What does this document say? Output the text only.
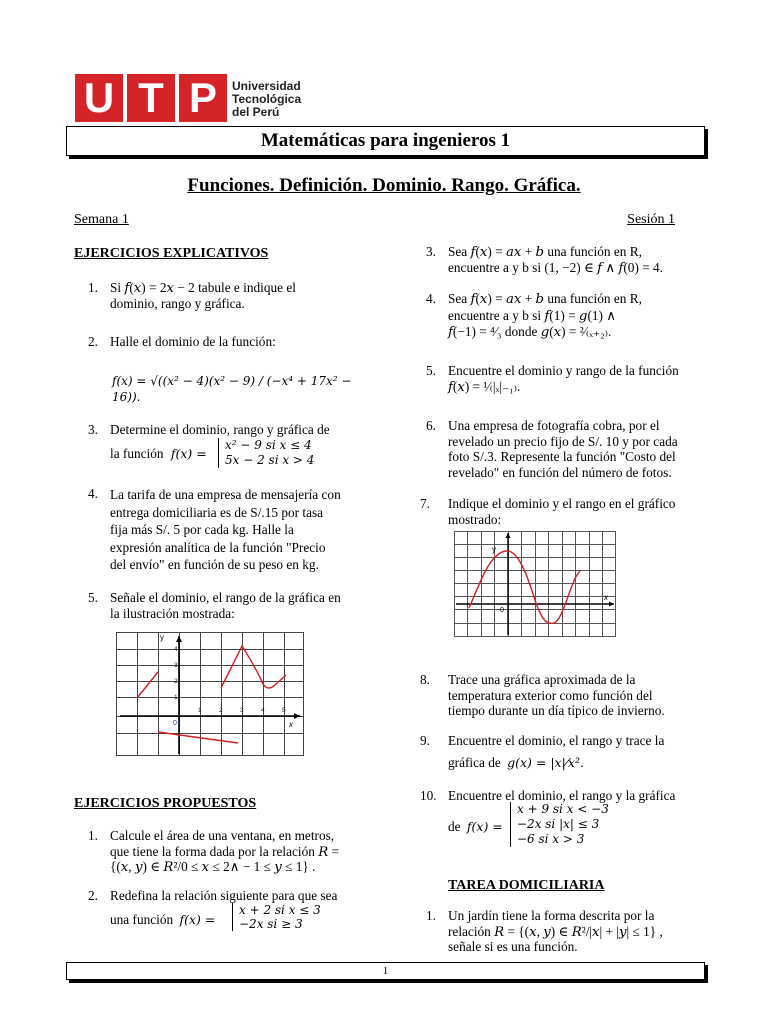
U T P	Universidad
Tecnológica
del Perú
Matemáticas para ingenieros 1
Funciones. Definición. Dominio. Rango. Gráfica.
Semana 1	Sesión 1
EJERCICIOS EXPLICATIVOS
1. Si 𝑓(𝑥) = 2𝑥 − 2 tabule e indique el
dominio, rango y gráfica.
2. Halle el dominio de la función:
𝑓(𝑥) = √((𝑥² − 4)(𝑥² − 9) / (−𝑥⁴ + 17𝑥² − 16)).
3. Determine el dominio, rango y gráfica de
la función 𝑓(𝑥) =
𝑥² − 9 𝑠𝑖 𝑥 ≤ 4
5𝑥 − 2 𝑠𝑖 𝑥 > 4
4. La tarifa de una empresa de mensajería con
entrega domiciliaria es de S/.15 por tasa
fija más S/. 5 por cada kg. Halle la
expresión analítica de la función "Precio
del envío" en función de su peso en kg.
5. Señale el dominio, el rango de la gráfica en
la ilustración mostrada:
y
x
0
1	2	3	4	5
1
2
3
4
EJERCICIOS PROPUESTOS
1. Calcule el área de una ventana, en metros,
que tiene la forma dada por la relación 𝑅 =
{(𝑥, 𝑦) ∈ 𝑅²/0 ≤ 𝑥 ≤ 2∧ − 1 ≤ 𝑦 ≤ 1} .
2. Redefina la relación siguiente para que sea
una función 𝑓(𝑥) =
𝑥 + 2 𝑠𝑖 𝑥 ≤ 3
−2𝑥 𝑠𝑖 ≥ 3
3. Sea 𝑓(𝑥) = 𝑎𝑥 + 𝑏 una función en R,
encuentre a y b si (1, −2) ∈ 𝑓 ∧ 𝑓(0) = 4.
4. Sea 𝑓(𝑥) = 𝑎𝑥 + 𝑏 una función en R,
encuentre a y b si 𝑓(1) = 𝑔(1) ∧
𝑓(−1) = ⁴⁄₃ donde 𝑔(𝑥) = ²⁄₍ₓ₊₂₎.
5. Encuentre el dominio y rango de la función
𝑓(𝑥) = ¹⁄₍|ₓ|₋₁₎.
6. Una empresa de fotografía cobra, por el
revelado un precio fijo de S/. 10 y por cada
foto S/.3. Represente la función "Costo del
revelado" en función del número de fotos.
7. Indique el dominio y el rango en el gráfico
mostrado:
y
x
0
8. Trace una gráfica aproximada de la
temperatura exterior como función del
tiempo durante un día típico de invierno.
9. Encuentre el dominio, el rango y trace la
gráfica de 𝑔(𝑥) = |𝑥|⁄𝑥².
10. Encuentre el dominio, el rango y la gráfica
de 𝑓(𝑥) =
𝑥 + 9 𝑠𝑖 𝑥 < −3
−2𝑥 𝑠𝑖 |𝑥| ≤ 3
−6 𝑠𝑖 𝑥 > 3
TAREA DOMICILIARIA
1. Un jardín tiene la forma descrita por la
relación 𝑅 = {(𝑥, 𝑦) ∈ 𝑅²/|𝑥| + |𝑦| ≤ 1} ,
señale si es una función.
1
